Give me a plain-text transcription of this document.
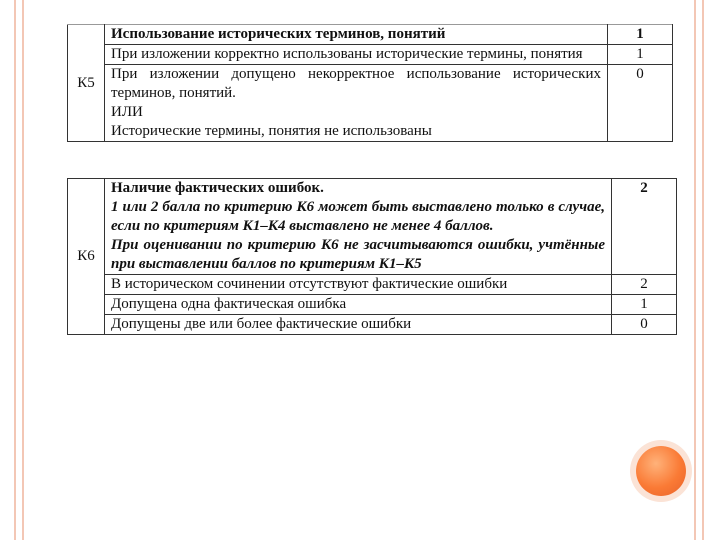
К5	Использование исторических терминов, понятий	1
	При изложении корректно использованы исторические термины, понятия	1

	При изложении допущено некорректное использование исторических терминов, понятий.
ИЛИ
Исторические термины, понятия не использованы	0
К6	Наличие фактических ошибок.
1 или 2 балла по критерию К6 может быть выставлено только в случае, если по критериям К1–К4 выставлено не менее 4 баллов.
При оценивании по критерию К6 не засчитываются ошибки, учтённые при выставлении баллов по критериям К1–К5	2
	В историческом сочинении отсутствуют фактические ошибки	2
	Допущена одна фактическая ошибка	1
	Допущены две или более фактические ошибки	0
